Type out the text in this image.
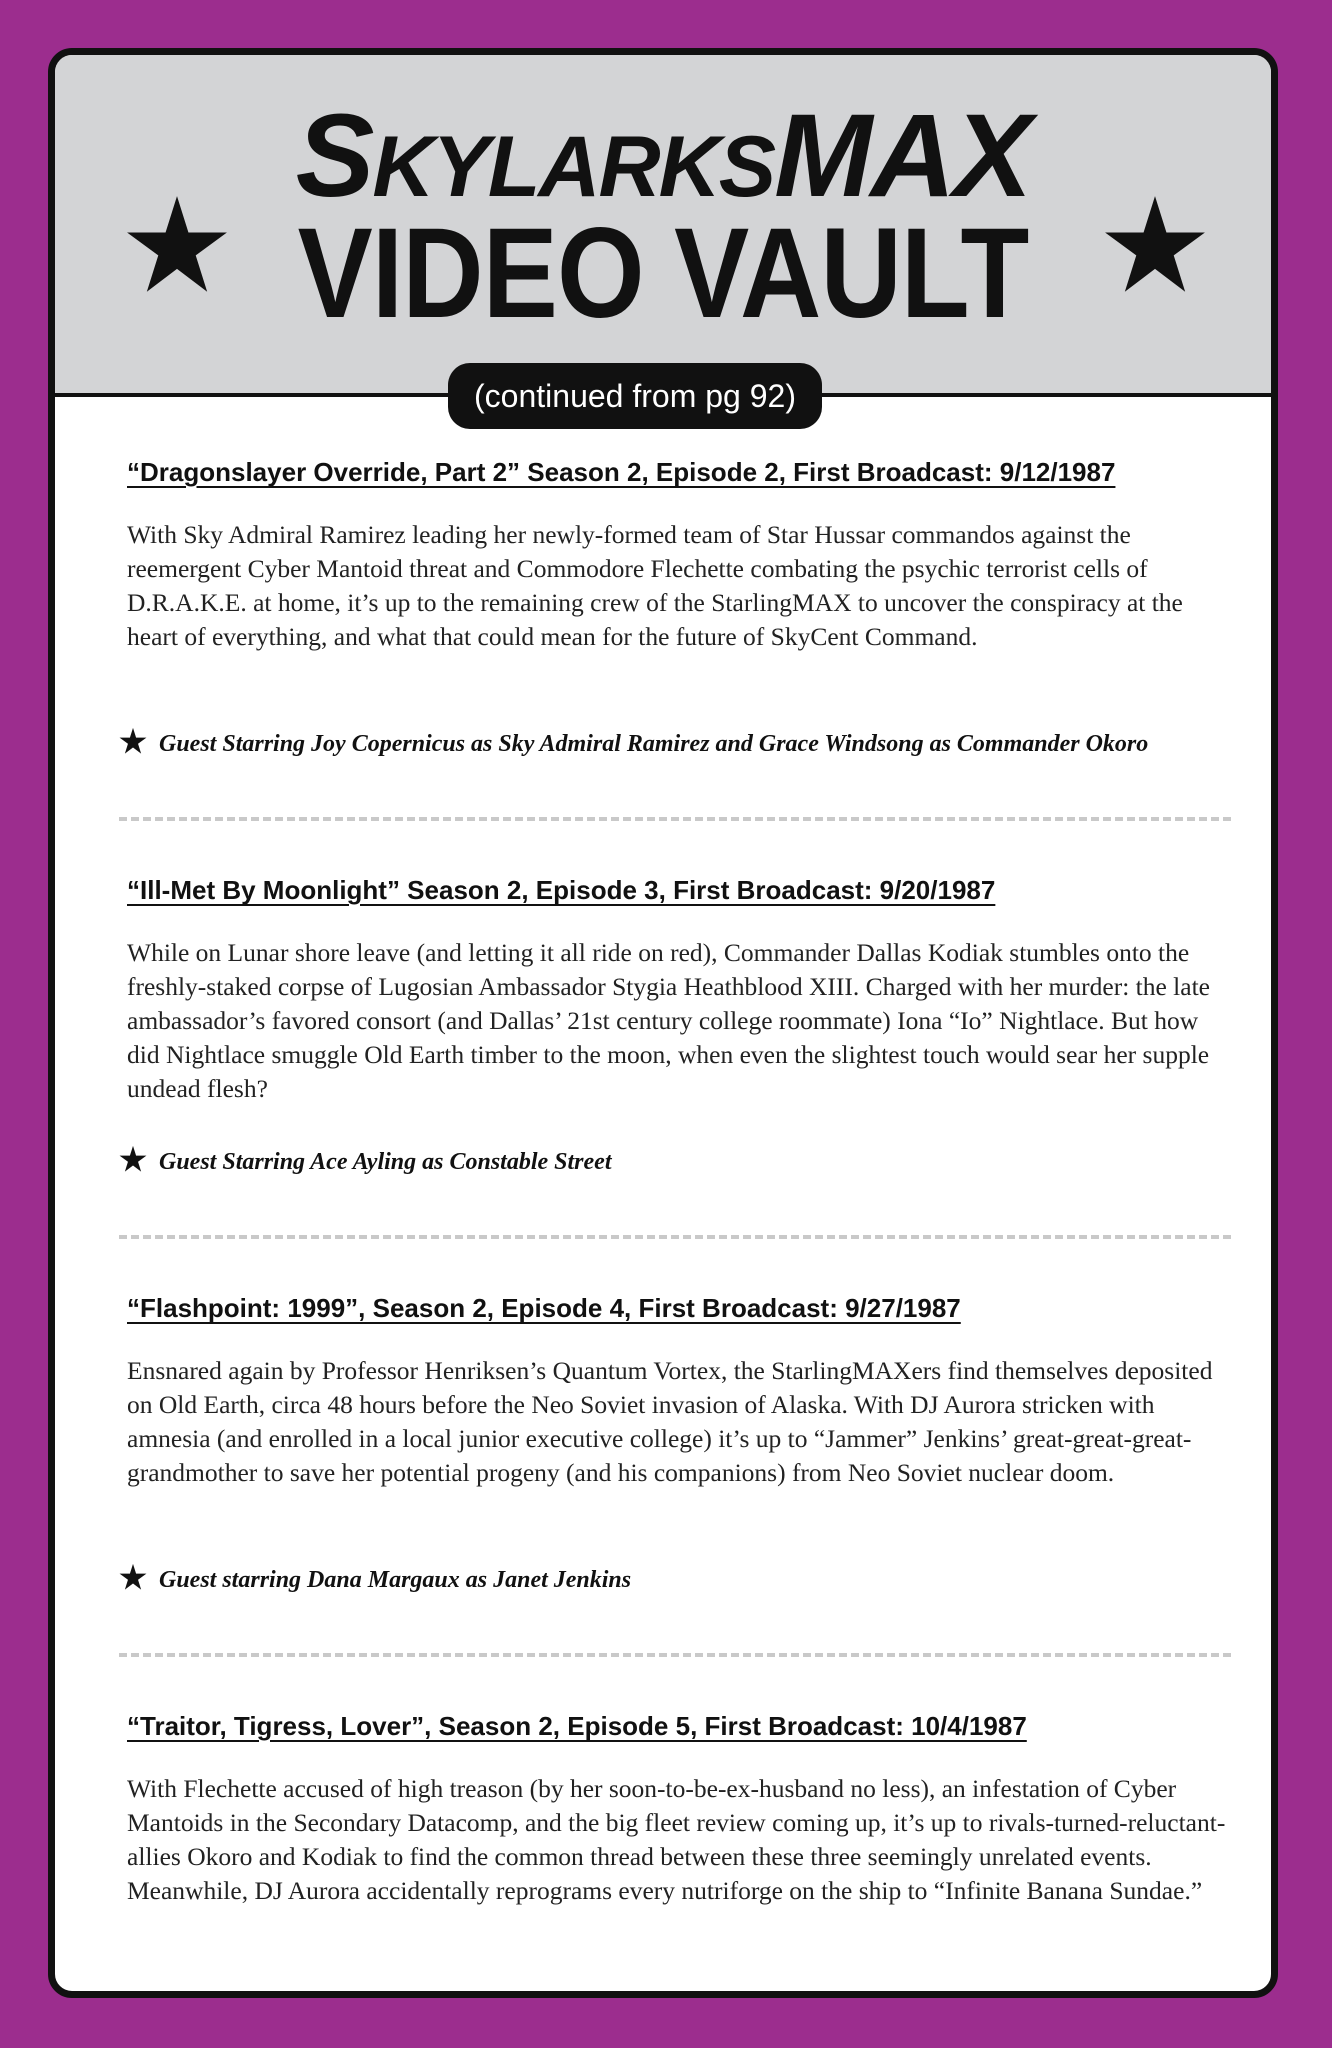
SKYLARKSMAX
VIDEO VAULT
(continued from pg 92)
“Dragonslayer Override, Part 2” Season 2, Episode 2, First Broadcast: 9/12/1987
With Sky Admiral Ramirez leading her newly-formed team of Star Hussar commandos against the reemergent Cyber Mantoid threat and Commodore Flechette combating the psychic terrorist cells of D.R.A.K.E. at home, it’s up to the remaining crew of the StarlingMAX to uncover the conspiracy at the heart of everything, and what that could mean for the future of SkyCent Command.
Guest Starring Joy Copernicus as Sky Admiral Ramirez and Grace Windsong as Commander Okoro
“Ill-Met By Moonlight” Season 2, Episode 3, First Broadcast: 9/20/1987
While on Lunar shore leave (and letting it all ride on red), Commander Dallas Kodiak stumbles onto the freshly-staked corpse of Lugosian Ambassador Stygia Heathblood XIII. Charged with her murder: the late ambassador’s favored consort (and Dallas’ 21st century college roommate) Iona “Io” Nightlace. But how did Nightlace smuggle Old Earth timber to the moon, when even the slightest touch would sear her supple undead flesh?
Guest Starring Ace Ayling as Constable Street
“Flashpoint: 1999”, Season 2, Episode 4, First Broadcast: 9/27/1987
Ensnared again by Professor Henriksen’s Quantum Vortex, the StarlingMAXers find themselves deposited on Old Earth, circa 48 hours before the Neo Soviet invasion of Alaska. With DJ Aurora stricken with amnesia (and enrolled in a local junior executive college) it’s up to “Jammer” Jenkins’ great-great-great-grandmother to save her potential progeny (and his companions) from Neo Soviet nuclear doom.
Guest starring Dana Margaux as Janet Jenkins
“Traitor, Tigress, Lover”, Season 2, Episode 5, First Broadcast: 10/4/1987
With Flechette accused of high treason (by her soon-to-be-ex-husband no less), an infestation of Cyber Mantoids in the Secondary Datacomp, and the big fleet review coming up, it’s up to rivals-turned-reluctant-allies Okoro and Kodiak to find the common thread between these three seemingly unrelated events. Meanwhile, DJ Aurora accidentally reprograms every nutriforge on the ship to “Infinite Banana Sundae.”
